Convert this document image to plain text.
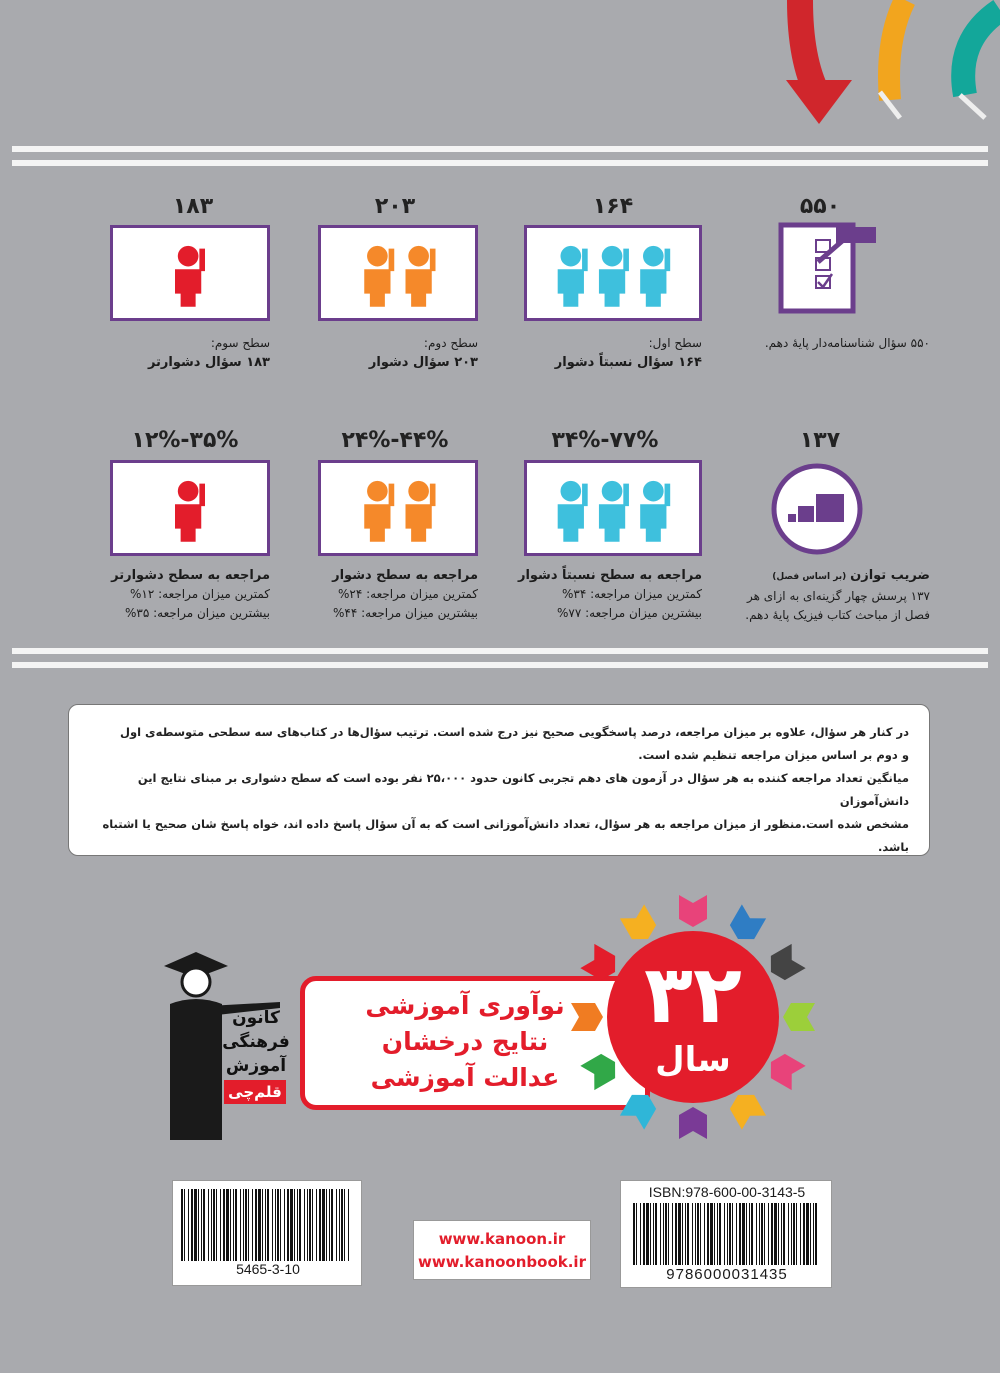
۵۵۰
۱۶۴
۲۰۳
۱۸۳
۵۵۰ سؤال شناسنامه‌دار پایهٔ دهم.
سطح اول:
۱۶۴ سؤال نسبتاً دشوار
سطح دوم:
۲۰۳ سؤال دشوار
سطح سوم:
۱۸۳ سؤال دشوارتر
۱۳۷
۳۴%-۷۷%
۲۴%-۴۴%
۱۲%-۳۵%
ضریب توازن (بر اساس فصل)
۱۳۷ پرسش چهار گزینه‌ای به ازای هر
فصل از مباحث کتاب فیزیک پایهٔ دهم.
مراجعه به سطح نسبتاً دشوار
کمترین میزان مراجعه: ۳۴%
بیشترین میزان مراجعه: ۷۷%
مراجعه به سطح دشوار
کمترین میزان مراجعه: ۲۴%
بیشترین میزان مراجعه: ۴۴%
مراجعه به سطح دشوارتر
کمترین میزان مراجعه: ۱۲%
بیشترین میزان مراجعه: ۳۵%
در کنار هر سؤال، علاوه بر میزان مراجعه، درصد پاسخگویی صحیح نیز درج شده است. ترتیب سؤال‌ها در کتاب‌های سه سطحی متوسطه‌ی اول
و دوم بر اساس میزان مراجعه تنظیم شده است.
میانگین تعداد مراجعه کننده به هر سؤال در آزمون های دهم تجربی کانون حدود ۲۵،۰۰۰ نفر بوده است که سطح دشواری بر مبنای نتایج این دانش‌آموزان
مشخص شده است.منظور از میزان مراجعه به هر سؤال، تعداد دانش‌آموزانی است که به آن سؤال پاسخ داده اند، خواه پاسخ شان صحیح یا اشتباه باشد.
کانون
فرهنگی
آموزش
قلم‌چی
نوآوری آموزشی
نتایج درخشان
عدالت آموزشی
۳۲
سال
5465-3-10
www.kanoon.ir
www.kanoonbook.ir
ISBN:978-600-00-3143-5
9786000031435
